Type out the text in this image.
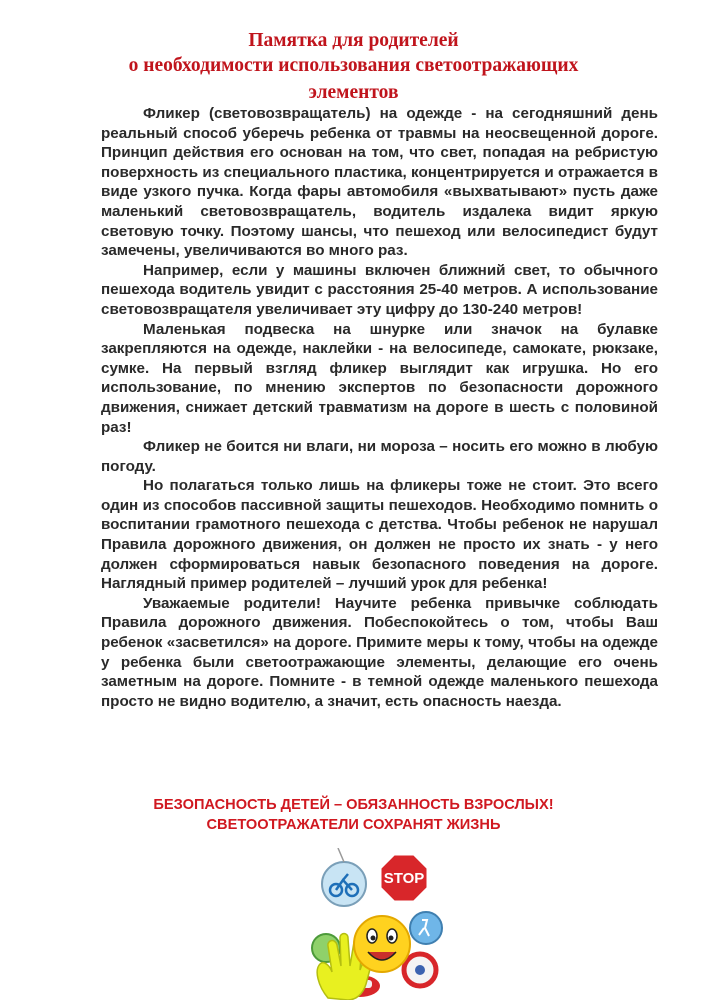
Памятка для родителей
о необходимости использования светоотражающих
элементов

Фликер (световозвращатель) на одежде - на сегодняшний день реальный способ уберечь ребенка от травмы на неосвещенной дороге. Принцип действия его основан на том, что свет, попадая на ребристую поверхность из специального пластика, концентрируется и отражается в виде узкого пучка. Когда фары автомобиля «выхватывают» пусть даже маленький световозвращатель, водитель издалека видит яркую световую точку. Поэтому шансы, что пешеход или велосипедист будут замечены, увеличиваются во много раз.

Например, если у машины включен ближний свет, то обычного пешехода водитель увидит с расстояния 25-40 метров. А использование световозвращателя увеличивает эту цифру до 130-240 метров!

Маленькая подвеска на шнурке или значок на булавке закрепляются на одежде, наклейки - на велосипеде, самокате, рюкзаке, сумке. На первый взгляд фликер выглядит как игрушка. Но его использование, по мнению экспертов по безопасности дорожного движения, снижает детский травматизм на дороге в шесть с половиной раз!

Фликер не боится ни влаги, ни мороза – носить его можно в любую погоду.

Но полагаться только лишь на фликеры тоже не стоит. Это всего один из способов пассивной защиты пешеходов. Необходимо помнить о воспитании грамотного пешехода с детства. Чтобы ребенок не нарушал Правила дорожного движения, он должен не просто их знать - у него должен сформироваться навык безопасного поведения на дороге. Наглядный пример родителей – лучший урок для ребенка!

Уважаемые родители! Научите ребенка привычке соблюдать Правила дорожного движения. Побеспокойтесь о том, чтобы Ваш ребенок «засветился» на дороге. Примите меры к тому, чтобы на одежде у ребенка были светоотражающие элементы, делающие его очень заметным на дороге. Помните - в темной одежде маленького пешехода просто не видно водителю, а значит, есть опасность наезда.

БЕЗОПАСНОСТЬ ДЕТЕЙ – ОБЯЗАННОСТЬ ВЗРОСЛЫХ!
СВЕТООТРАЖАТЕЛИ СОХРАНЯТ ЖИЗНЬ
STOP
